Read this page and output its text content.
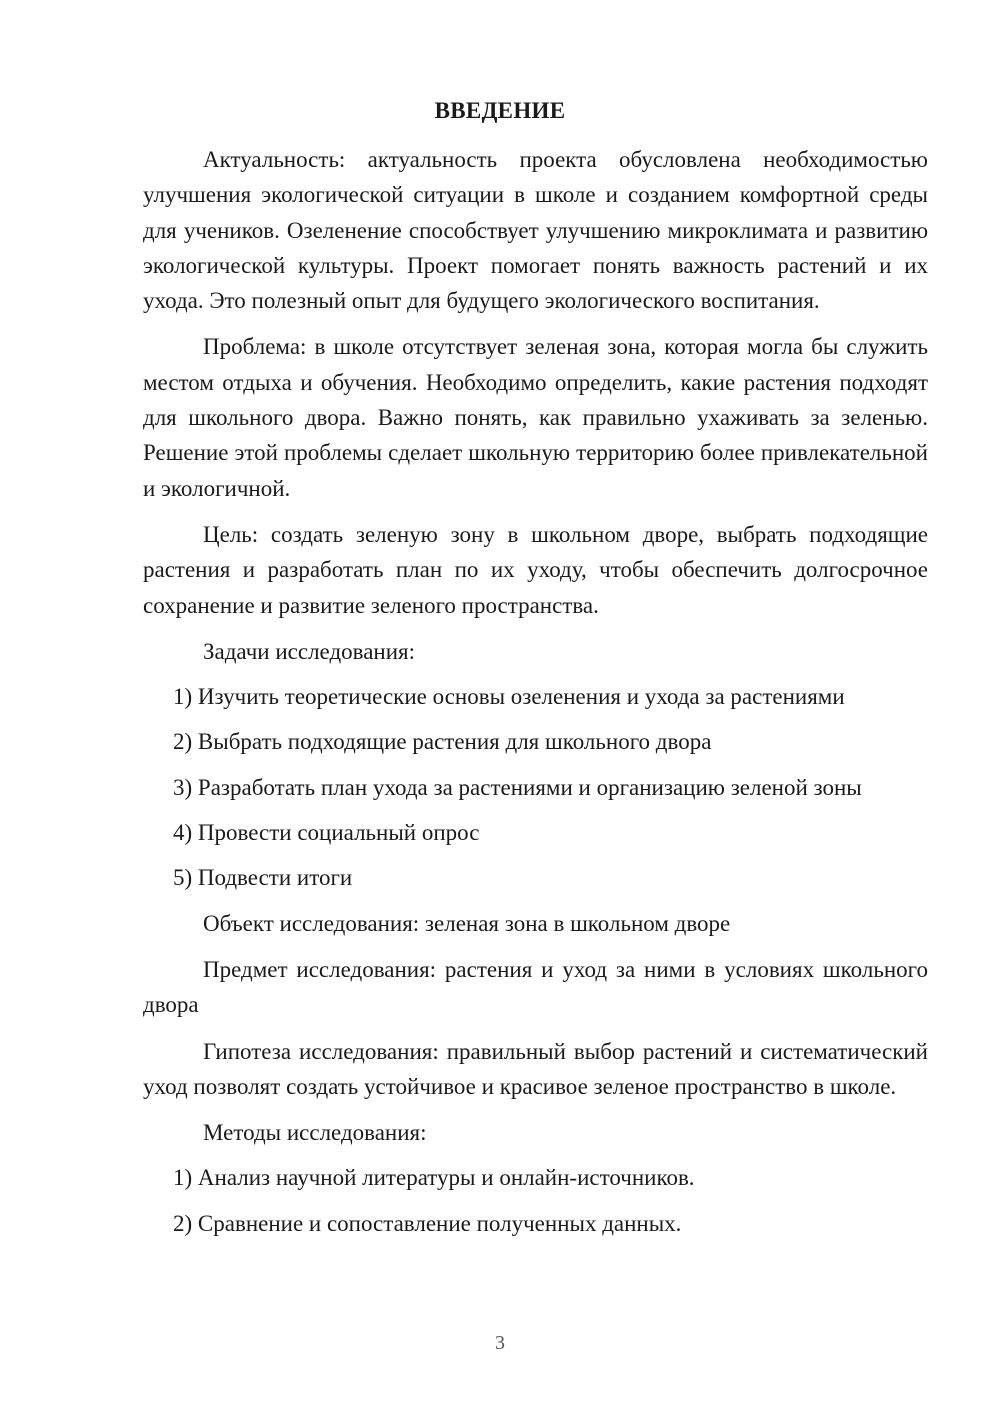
ВВЕДЕНИЕ

Актуальность: актуальность проекта обусловлена необходимостью улучшения экологической ситуации в школе и созданием комфортной среды для учеников. Озеленение способствует улучшению микроклимата и развитию экологической культуры. Проект помогает понять важность растений и их ухода. Это полезный опыт для будущего экологического воспитания.

Проблема: в школе отсутствует зеленая зона, которая могла бы служить местом отдыха и обучения. Необходимо определить, какие растения подходят для школьного двора. Важно понять, как правильно ухаживать за зеленью. Решение этой проблемы сделает школьную территорию более привлекательной и экологичной.

Цель: создать зеленую зону в школьном дворе, выбрать подходящие растения и разработать план по их уходу, чтобы обеспечить долгосрочное сохранение и развитие зеленого пространства.

Задачи исследования:

1) Изучить теоретические основы озеленения и ухода за растениями

2) Выбрать подходящие растения для школьного двора

3) Разработать план ухода за растениями и организацию зеленой зоны

4) Провести социальный опрос

5) Подвести итоги

Объект исследования: зеленая зона в школьном дворе

Предмет исследования: растения и уход за ними в условиях школьного двора

Гипотеза исследования: правильный выбор растений и систематический уход позволят создать устойчивое и красивое зеленое пространство в школе.

Методы исследования:

1) Анализ научной литературы и онлайн-источников.

2) Сравнение и сопоставление полученных данных.

3
